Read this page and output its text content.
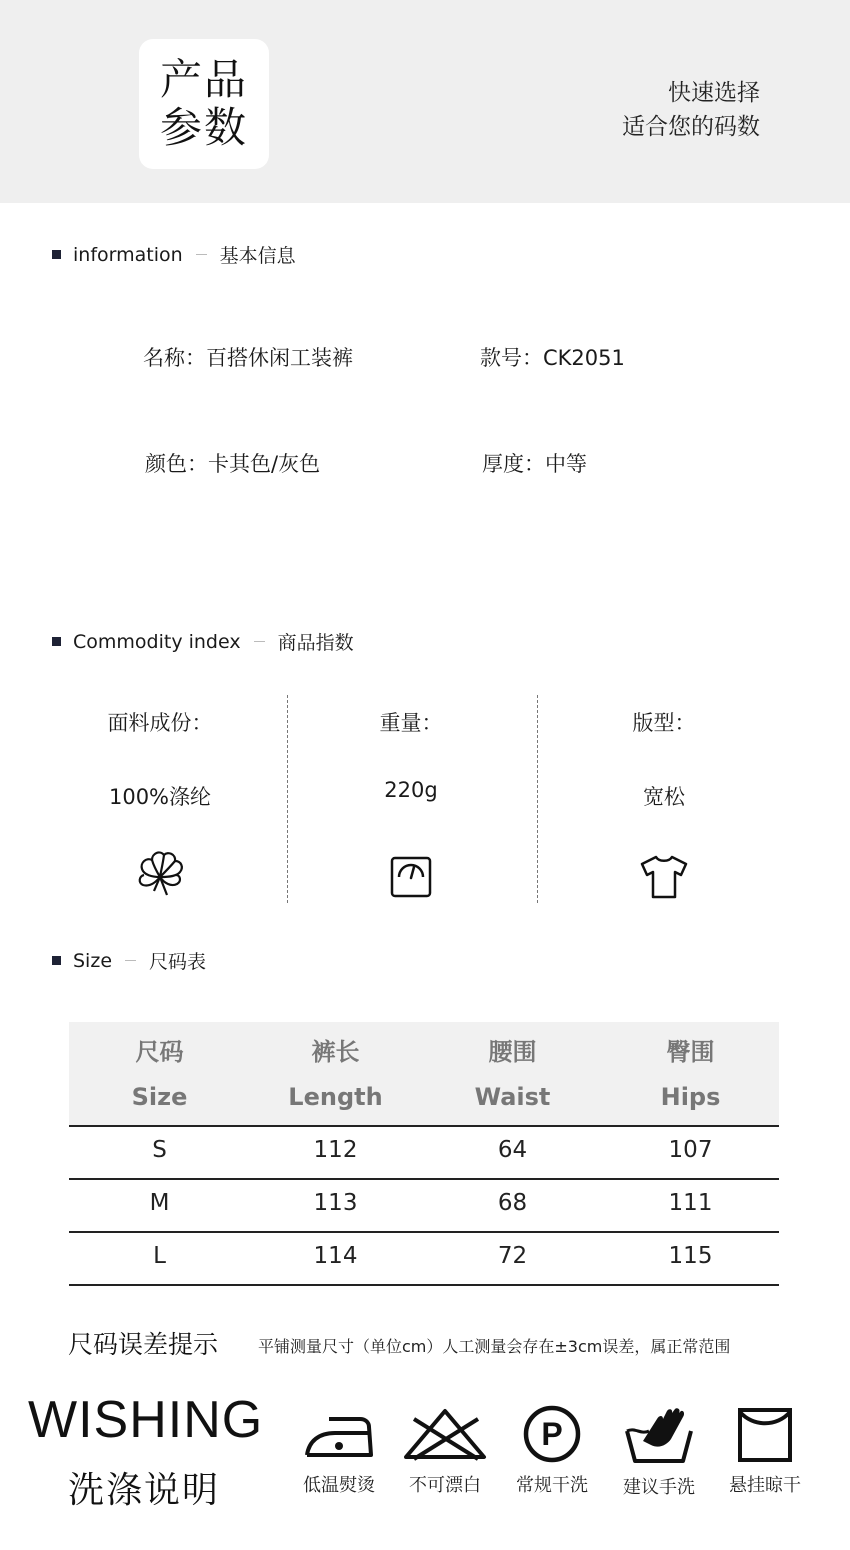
产品
参数
快速选择
适合您的码数
information 基本信息
名称：百搭休闲工装裤	款号：CK2051
颜色：卡其色/灰色	厚度：中等
Commodity index 商品指数
面料成份：
100%涤纶
重量：
220g
版型：
宽松
Size 尺码表
尺码	裤长	腰围	臀围
Size	Length	Waist	Hips
S	112	64	107
M	113	68	111
L	114	72	115
尺码误差提示 平铺测量尺寸（单位cm）人工测量会存在±3cm误差，属正常范围
WISHING
洗涤说明	低温熨烫	不可漂白
P
常规干洗	建议手洗	悬挂晾干
